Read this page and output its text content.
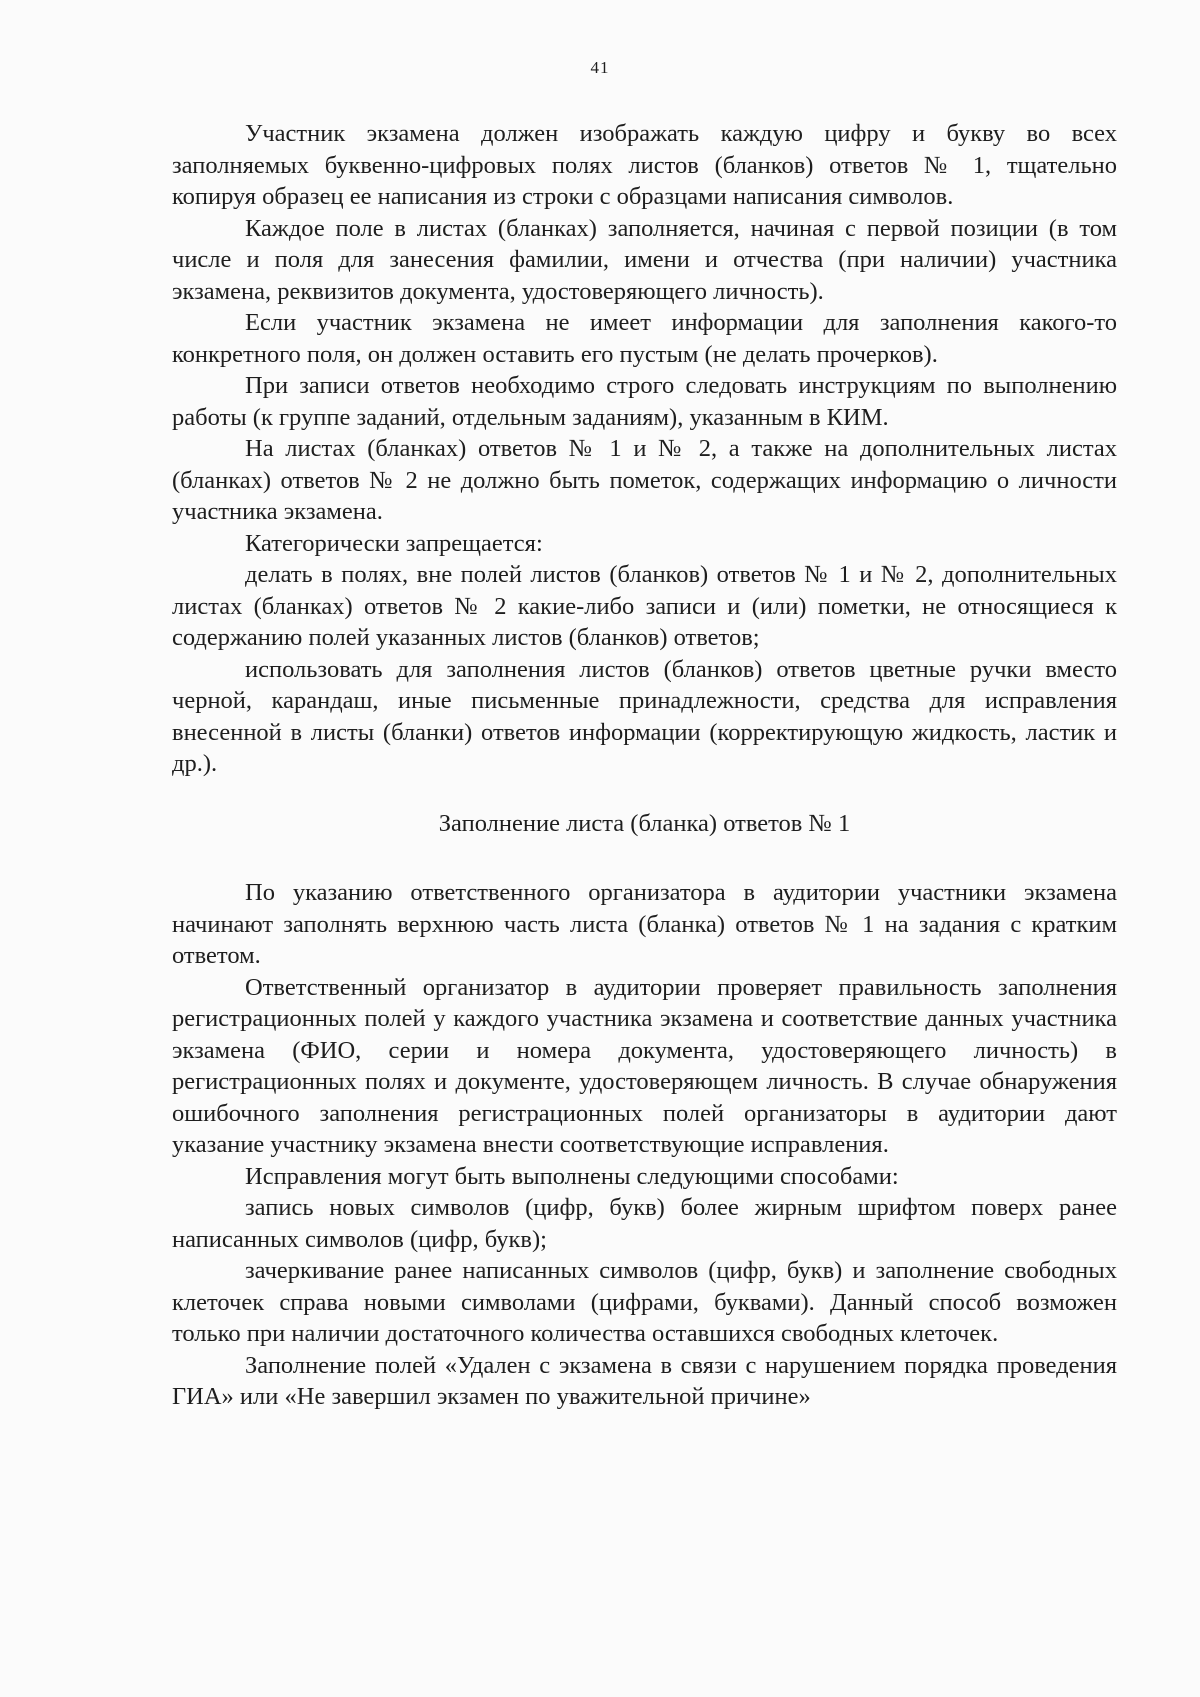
41

Участник экзамена должен изображать каждую цифру и букву во всех заполняемых буквенно-цифровых полях листов (бланков) ответов № 1, тщательно копируя образец ее написания из строки с образцами написания символов.

Каждое поле в листах (бланках) заполняется, начиная с первой позиции (в том числе и поля для занесения фамилии, имени и отчества (при наличии) участника экзамена, реквизитов документа, удостоверяющего личность).

Если участник экзамена не имеет информации для заполнения какого-то конкретного поля, он должен оставить его пустым (не делать прочерков).

При записи ответов необходимо строго следовать инструкциям по выполнению работы (к группе заданий, отдельным заданиям), указанным в КИМ.

На листах (бланках) ответов № 1 и № 2, а также на дополнительных листах (бланках) ответов № 2 не должно быть пометок, содержащих информацию о личности участника экзамена.

Категорически запрещается:

делать в полях, вне полей листов (бланков) ответов № 1 и № 2, дополнительных листах (бланках) ответов № 2 какие-либо записи и (или) пометки, не относящиеся к содержанию полей указанных листов (бланков) ответов;

использовать для заполнения листов (бланков) ответов цветные ручки вместо черной, карандаш, иные письменные принадлежности, средства для исправления внесенной в листы (бланки) ответов информации (корректирующую жидкость, ластик и др.).

Заполнение листа (бланка) ответов № 1

По указанию ответственного организатора в аудитории участники экзамена начинают заполнять верхнюю часть листа (бланка) ответов № 1 на задания с кратким ответом.

Ответственный организатор в аудитории проверяет правильность заполнения регистрационных полей у каждого участника экзамена и соответствие данных участника экзамена (ФИО, серии и номера документа, удостоверяющего личность) в регистрационных полях и документе, удостоверяющем личность. В случае обнаружения ошибочного заполнения регистрационных полей организаторы в аудитории дают указание участнику экзамена внести соответствующие исправления.

Исправления могут быть выполнены следующими способами:

запись новых символов (цифр, букв) более жирным шрифтом поверх ранее написанных символов (цифр, букв);

зачеркивание ранее написанных символов (цифр, букв) и заполнение свободных клеточек справа новыми символами (цифрами, буквами). Данный способ возможен только при наличии достаточного количества оставшихся свободных клеточек.

Заполнение полей «Удален с экзамена в связи с нарушением порядка проведения ГИА» или «Не завершил экзамен по уважительной причине»
